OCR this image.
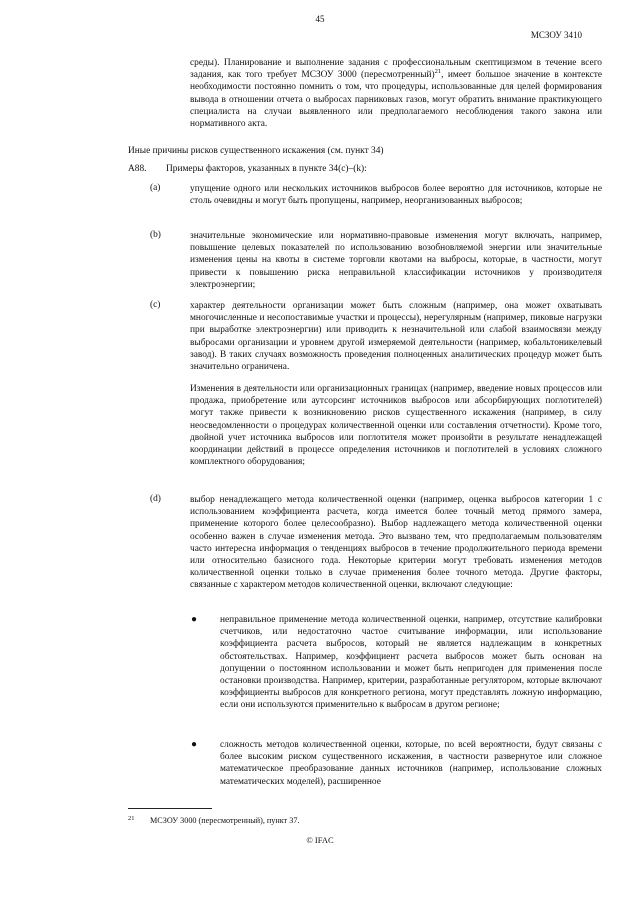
45
МСЗОУ 3410
среды). Планирование и выполнение задания с профессиональным скептицизмом в течение всего задания, как того требует МСЗОУ 3000 (пересмотренный)$^{21}$, имеет большое значение в контексте необходимости постоянно помнить о том, что процедуры, использованные для целей формирования вывода в отношении отчета о выбросах парниковых газов, могут обратить внимание практикующего специалиста на случаи выявленного или предполагаемого несоблюдения такого закона или нормативного акта.
Иные причины рисков существенного искажения (см. пункт 34)
A88. Примеры факторов, указанных в пункте 34(c)–(k):
(a)	упущение одного или нескольких источников выбросов более вероятно для источников, которые не столь очевидны и могут быть пропущены, например, неорганизованных выбросов;
(b)	значительные экономические или нормативно-правовые изменения могут включать, например, повышение целевых показателей по использованию возобновляемой энергии или значительные изменения цены на квоты в системе торговли квотами на выбросы, которые, в частности, могут привести к повышению риска неправильной классификации источников у производителя электроэнергии;
(c)	характер деятельности организации может быть сложным (например, она может охватывать многочисленные и несопоставимые участки и процессы), нерегулярным (например, пиковые нагрузки при выработке электроэнергии) или приводить к незначительной или слабой взаимосвязи между выбросами организации и уровнем другой измеряемой деятельности (например, кобальтоникелевый завод). В таких случаях возможность проведения полноценных аналитических процедур может быть значительно ограничена.
Изменения в деятельности или организационных границах (например, введение новых процессов или продажа, приобретение или аутсорсинг источников выбросов или абсорбирующих поглотителей) могут также привести к возникновению рисков существенного искажения (например, в силу неосведомленности о процедурах количественной оценки или составления отчетности). Кроме того, двойной учет источника выбросов или поглотителя может произойти в результате ненадлежащей координации действий в процессе определения источников и поглотителей в условиях сложного комплектного оборудования;
(d)	выбор ненадлежащего метода количественной оценки (например, оценка выбросов категории 1 с использованием коэффициента расчета, когда имеется более точный метод прямого замера, применение которого более целесообразно). Выбор надлежащего метода количественной оценки особенно важен в случае изменения метода. Это вызвано тем, что предполагаемым пользователям часто интересна информация о тенденциях выбросов в течение продолжительного периода времени или относительно базисного года. Некоторые критерии могут требовать изменения методов количественной оценки только в случае применения более точного метода. Другие факторы, связанные с характером методов количественной оценки, включают следующие:
● неправильное применение метода количественной оценки, например, отсутствие калибровки счетчиков, или недостаточно частое считывание информации, или использование коэффициента расчета выбросов, который не является надлежащим в конкретных обстоятельствах. Например, коэффициент расчета выбросов может быть основан на допущении о постоянном использовании и может быть непригоден для применения после остановки производства. Например, критерии, разработанные регулятором, которые включают коэффициенты выбросов для конкретного региона, могут представлять ложную информацию, если они используются применительно к выбросам в другом регионе;
● сложность методов количественной оценки, которые, по всей вероятности, будут связаны с более высоким риском существенного искажения, в частности развернутое или сложное математическое преобразование данных источников (например, использование сложных математических моделей), расширенное
21 МСЗОУ 3000 (пересмотренный), пункт 37.
© IFAC
